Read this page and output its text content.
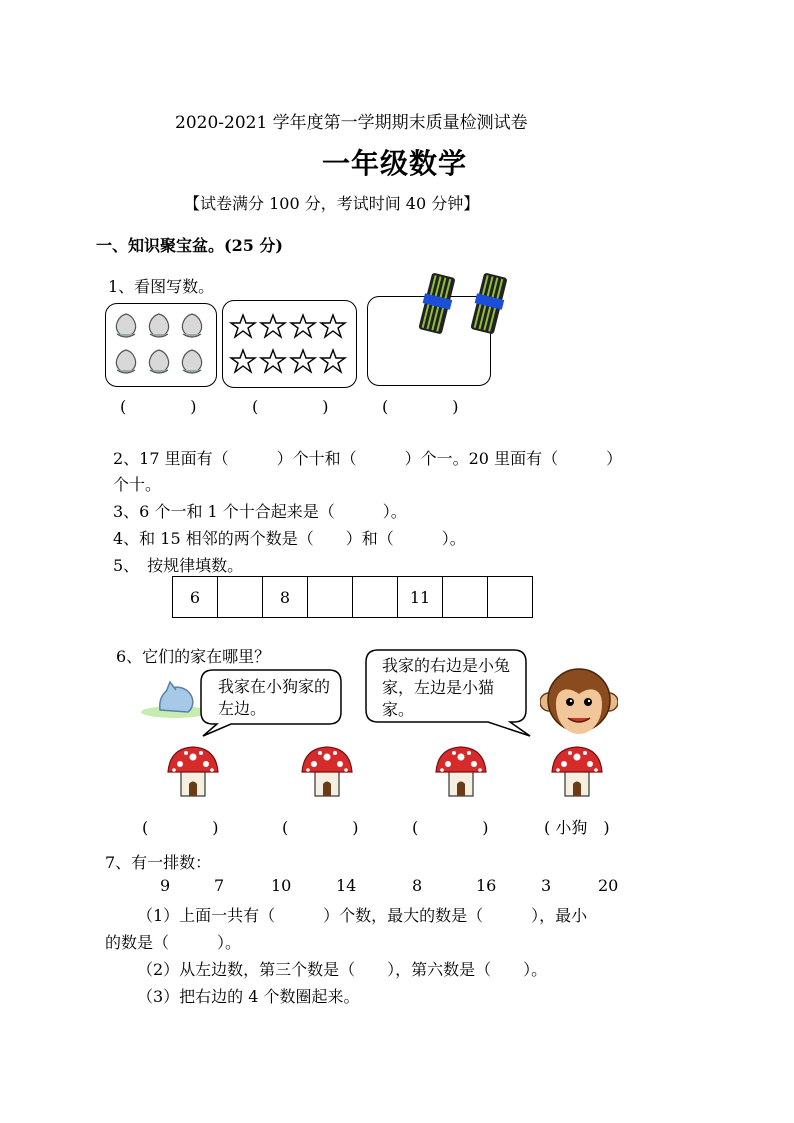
2020-2021 学年度第一学期期末质量检测试卷
一年级数学
【试卷满分 100 分，考试时间 40 分钟】
一、知识聚宝盆。(25 分)
1、看图写数。
(　　　　)	(　　　　)	(　　　　)
2、17 里面有（　　　）个十和（　　　）个一。20 里面有（　　　）
个十。
3、6 个一和 1 个十合起来是（　　　）。
4、和 15 相邻的两个数是（　　）和（　　　）。
5、　按规律填数。
6		8			11		
6、它们的家在哪里？
我家在小狗家的左边。
我家的右边是小兔家，左边是小猫家。
(　　　　)	(　　　　)	(　　　　)	( 小狗　)
7、有一排数：
9	7	10	14	8	16	3	20
（1）上面一共有（　　　）个数，最大的数是（　　　），最小
的数是（　　　）。
（2）从左边数，第三个数是（　　），第六数是（　　）。
（3）把右边的 4 个数圈起来。
